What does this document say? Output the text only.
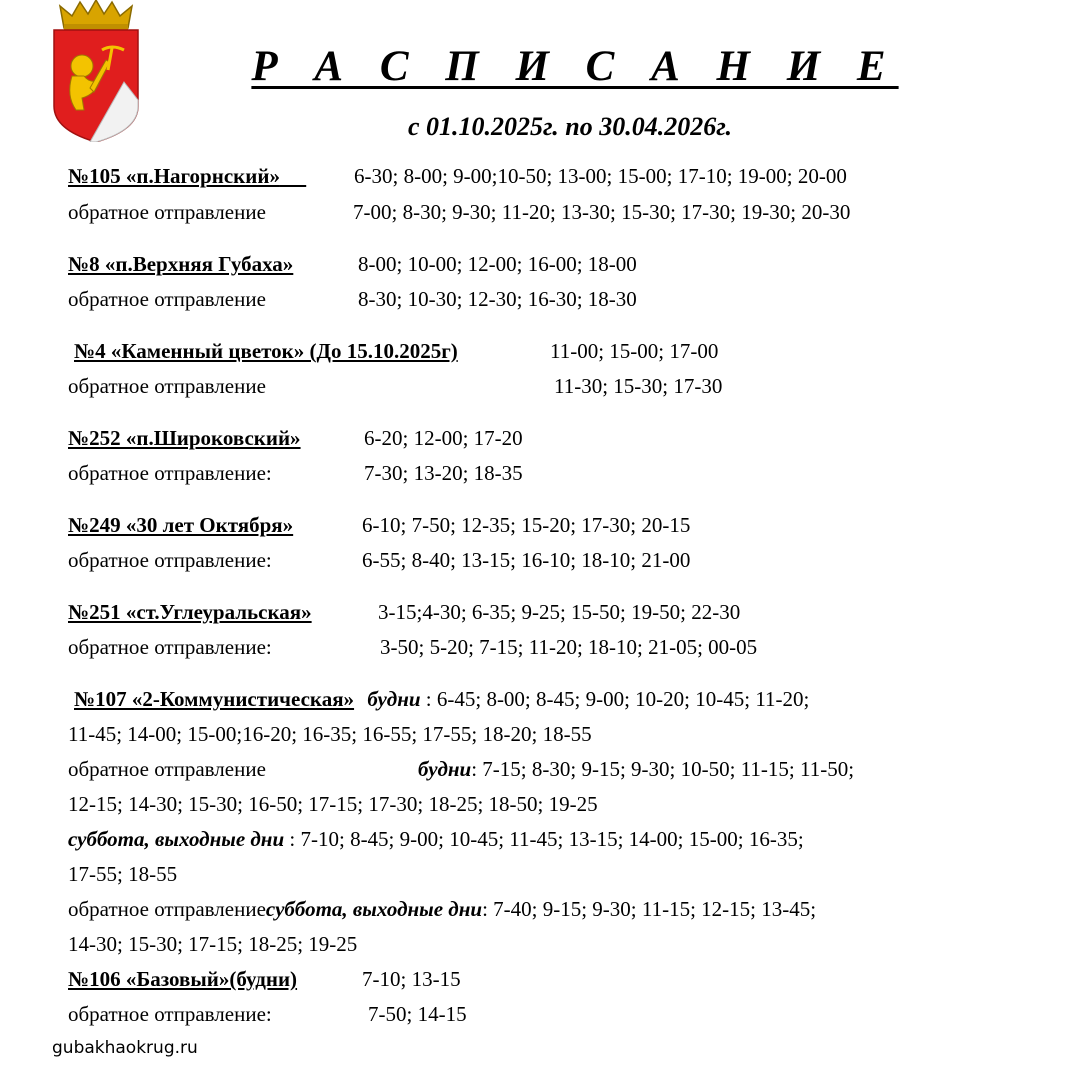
Р А С П И С А Н И Е
с 01.10.2025г. по 30.04.2026г.
№105 «п.Нагорнский»	6-30; 8-00; 9-00;10-50; 13-00; 15-00; 17-10; 19-00; 20-00
обратное отправление	7-00; 8-30; 9-30; 11-20; 13-30; 15-30; 17-30; 19-30; 20-30
№8 «п.Верхняя Губаха»	8-00; 10-00; 12-00; 16-00; 18-00
обратное отправление	8-30; 10-30; 12-30; 16-30; 18-30
№4 «Каменный цветок» (До 15.10.2025г)	11-00; 15-00; 17-00
обратное отправление	11-30; 15-30; 17-30
№252 «п.Широковский»	6-20; 12-00; 17-20
обратное отправление:	7-30; 13-20; 18-35
№249 «30 лет Октября»	6-10; 7-50; 12-35; 15-20; 17-30; 20-15
обратное отправление:	6-55; 8-40; 13-15; 16-10; 18-10; 21-00
№251 «ст.Углеуральская»	3-15;4-30; 6-35; 9-25; 15-50; 19-50; 22-30
обратное отправление:	3-50; 5-20; 7-15; 11-20; 18-10; 21-05; 00-05
№107 «2-Коммунистическая» будни : 6-45; 8-00; 8-45; 9-00; 10-20; 10-45; 11-20;
11-45; 14-00; 15-00;16-20; 16-35; 16-55; 17-55; 18-20; 18-55
обратное отправление	будни: 7-15; 8-30; 9-15; 9-30; 10-50; 11-15; 11-50;
12-15; 14-30; 15-30; 16-50; 17-15; 17-30; 18-25; 18-50; 19-25
суббота, выходные дни : 7-10; 8-45; 9-00; 10-45; 11-45; 13-15; 14-00; 15-00; 16-35;
17-55; 18-55
обратное отправлениесуббота, выходные дни: 7-40; 9-15; 9-30; 11-15; 12-15; 13-45;
14-30; 15-30; 17-15; 18-25; 19-25
№106 «Базовый»(будни)	7-10; 13-15
обратное отправление:	7-50; 14-15
gubakhaokrug.ru
